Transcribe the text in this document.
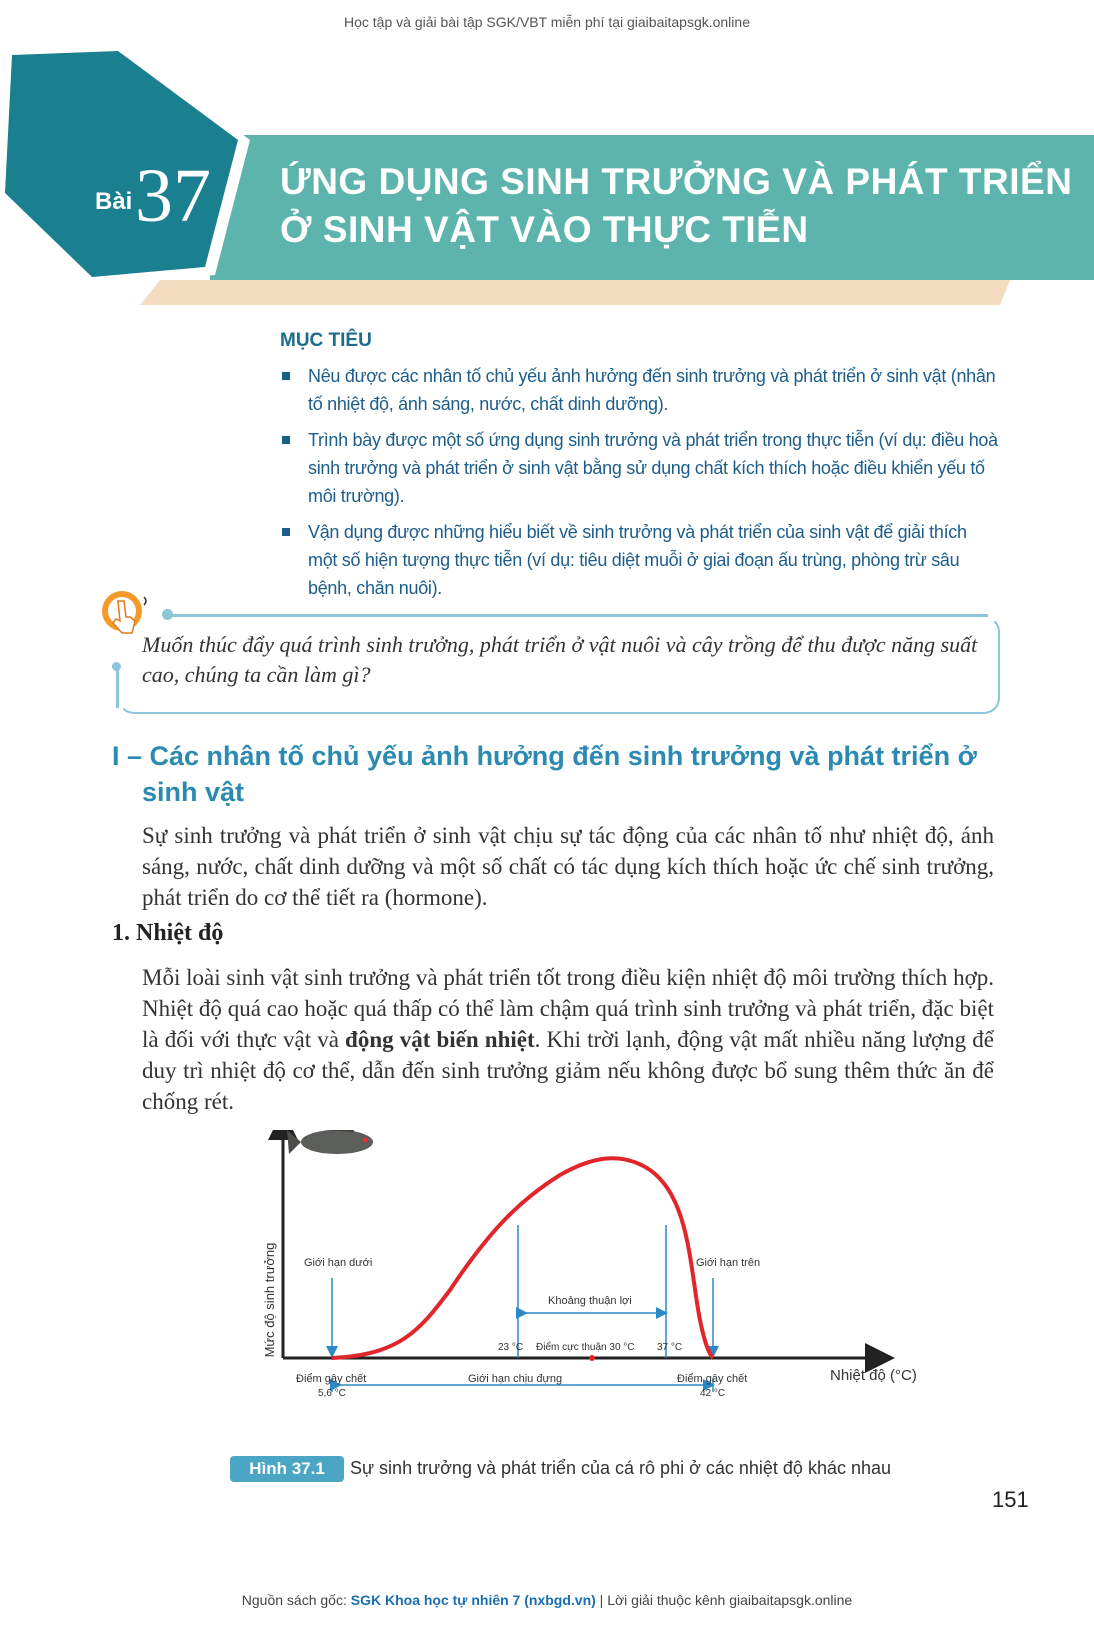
Học tập và giải bài tập SGK/VBT miễn phí tại giaibaitapsgk.online
Bài 37 ỨNG DỤNG SINH TRƯỞNG VÀ PHÁT TRIỂN
Ở SINH VẬT VÀO THỰC TIỄN
MỤC TIÊU
Nêu được các nhân tố chủ yếu ảnh hưởng đến sinh trưởng và phát triển ở sinh vật (nhân tố nhiệt độ, ánh sáng, nước, chất dinh dưỡng).
Trình bày được một số ứng dụng sinh trưởng và phát triển trong thực tiễn (ví dụ: điều hoà sinh trưởng và phát triển ở sinh vật bằng sử dụng chất kích thích hoặc điều khiển yếu tố môi trường).
Vận dụng được những hiểu biết về sinh trưởng và phát triển của sinh vật để giải thích một số hiện tượng thực tiễn (ví dụ: tiêu diệt muỗi ở giai đoạn ấu trùng, phòng trừ sâu bệnh, chăn nuôi).
Muốn thúc đẩy quá trình sinh trưởng, phát triển ở vật nuôi và cây trồng để thu được năng suất cao, chúng ta cần làm gì?
I – Các nhân tố chủ yếu ảnh hưởng đến sinh trưởng và phát triển ở
sinh vật
Sự sinh trưởng và phát triển ở sinh vật chịu sự tác động của các nhân tố như nhiệt độ, ánh sáng, nước, chất dinh dưỡng và một số chất có tác dụng kích thích hoặc ức chế sinh trưởng, phát triển do cơ thể tiết ra (hormone).
1. Nhiệt độ
Mỗi loài sinh vật sinh trưởng và phát triển tốt trong điều kiện nhiệt độ môi trường thích hợp. Nhiệt độ quá cao hoặc quá thấp có thể làm chậm quá trình sinh trưởng và phát triển, đặc biệt là đối với thực vật và động vật biến nhiệt. Khi trời lạnh, động vật mất nhiều năng lượng để duy trì nhiệt độ cơ thể, dẫn đến sinh trưởng giảm nếu không được bổ sung thêm thức ăn để chống rét.
Mức độ sinh trưởng
Nhiệt độ (°C)
Giới hạn dưới	Giới hạn trên
Khoảng thuận lợi
23 °C Điểm cực thuận 30 °C 37 °C
Điểm gây chết
5,6 °C
Giới hạn chịu đựng	Điểm gây chết
42 °C
Hình 37.1	Sự sinh trưởng và phát triển của cá rô phi ở các nhiệt độ khác nhau
151
Nguồn sách gốc: SGK Khoa học tự nhiên 7 (nxbgd.vn) | Lời giải thuộc kênh giaibaitapsgk.online
